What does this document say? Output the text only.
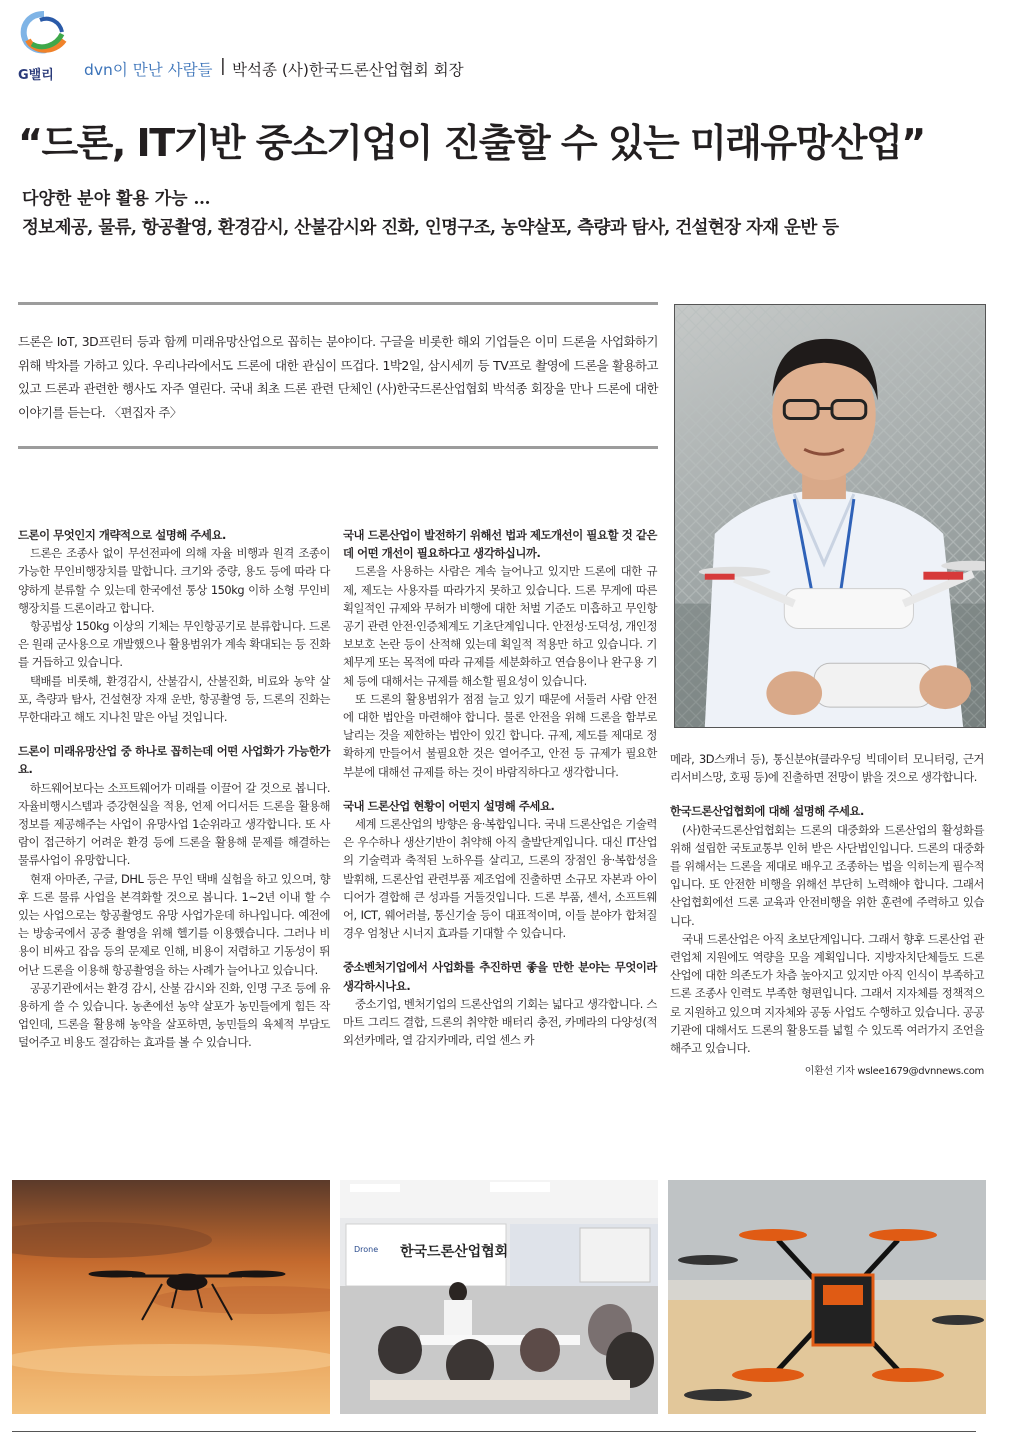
G밸리 dvn이 만난 사람들 | 박석종 (사)한국드론산업협회 회장
“드론, IT기반 중소기업이 진출할 수 있는 미래유망산업”
다양한 분야 활용 가능 …
정보제공, 물류, 항공촬영, 환경감시, 산불감시와 진화, 인명구조, 농약살포, 측량과 탐사, 건설현장 자재 운반 등

드론은 IoT, 3D프린터 등과 함께 미래유망산업으로 꼽히는 분야이다. 구글을 비롯한 해외 기업들은 이미 드론을 사업화하기 위해 박차를 가하고 있다. 우리나라에서도 드론에 대한 관심이 뜨겁다. 1박2일, 삼시세끼 등 TV프로 촬영에 드론을 활용하고 있고 드론과 관련한 행사도 자주 열린다. 국내 최초 드론 관련 단체인 (사)한국드론산업협회 박석종 회장을 만나 드론에 대한 이야기를 듣는다. 〈편집자 주〉

드론이 무엇인지 개략적으로 설명해 주세요.
드론은 조종사 없이 무선전파에 의해 자율 비행과 원격 조종이 가능한 무인비행장치를 말합니다. 크기와 중량, 용도 등에 따라 다양하게 분류할 수 있는데 한국에선 통상 150kg 이하 소형 무인비행장치를 드론이라고 합니다.
항공법상 150kg 이상의 기체는 무인항공기로 분류합니다. 드론은 원래 군사용으로 개발했으나 활용범위가 계속 확대되는 등 진화를 거듭하고 있습니다.
택배를 비롯해, 환경감시, 산불감시, 산불진화, 비료와 농약 살포, 측량과 탐사, 건설현장 자재 운반, 항공촬영 등, 드론의 진화는 무한대라고 해도 지나친 말은 아닐 것입니다.
드론이 미래유망산업 중 하나로 꼽히는데 어떤 사업화가 가능한가요.
하드웨어보다는 소프트웨어가 미래를 이끌어 갈 것으로 봅니다. 자율비행시스템과 증강현실을 적용, 언제 어디서든 드론을 활용해 정보를 제공해주는 사업이 유망사업 1순위라고 생각합니다. 또 사람이 접근하기 어려운 환경 등에 드론을 활용해 문제를 해결하는 물류사업이 유망합니다.
현재 아마존, 구글, DHL 등은 무인 택배 실험을 하고 있으며, 향후 드론 물류 사업을 본격화할 것으로 봅니다. 1~2년 이내 할 수 있는 사업으로는 항공촬영도 유망 사업가운데 하나입니다. 예전에는 방송국에서 공중 촬영을 위해 헬기를 이용했습니다. 그러나 비용이 비싸고 잡음 등의 문제로 인해, 비용이 저렴하고 기동성이 뛰어난 드론을 이용해 항공촬영을 하는 사례가 늘어나고 있습니다.
공공기관에서는 환경 감시, 산불 감시와 진화, 인명 구조 등에 유용하게 쓸 수 있습니다. 농촌에선 농약 살포가 농민들에게 힘든 작업인데, 드론을 활용해 농약을 살포하면, 농민들의 육체적 부담도 덜어주고 비용도 절감하는 효과를 볼 수 있습니다.
국내 드론산업이 발전하기 위해선 법과 제도개선이 필요할 것 같은데 어떤 개선이 필요하다고 생각하십니까.
드론을 사용하는 사람은 계속 늘어나고 있지만 드론에 대한 규제, 제도는 사용자를 따라가지 못하고 있습니다. 드론 무게에 따른 획일적인 규제와 무허가 비행에 대한 처벌 기준도 미흡하고 무인항공기 관련 안전·인증체계도 기초단계입니다. 안전성·도덕성, 개인정보보호 논란 등이 산적해 있는데 획일적 적용만 하고 있습니다. 기체무게 또는 목적에 따라 규제를 세분화하고 연습용이나 완구용 기체 등에 대해서는 규제를 해소할 필요성이 있습니다.
또 드론의 활용범위가 점점 늘고 있기 때문에 서둘러 사람 안전에 대한 법안을 마련해야 합니다. 물론 안전을 위해 드론을 함부로 날리는 것을 제한하는 법안이 있긴 합니다. 규제, 제도를 제대로 정확하게 만들어서 불필요한 것은 열어주고, 안전 등 규제가 필요한 부분에 대해선 규제를 하는 것이 바람직하다고 생각합니다.
국내 드론산업 현황이 어떤지 설명해 주세요.
세계 드론산업의 방향은 융·복합입니다. 국내 드론산업은 기술력은 우수하나 생산기반이 취약해 아직 출발단계입니다. 대신 IT산업의 기술력과 축적된 노하우를 살리고, 드론의 장점인 융·복합성을 발휘해, 드론산업 관련부품 제조업에 진출하면 소규모 자본과 아이디어가 결합해 큰 성과를 거둘것입니다. 드론 부품, 센서, 소프트웨어, ICT, 웨어러블, 통신기술 등이 대표적이며, 이들 분야가 합쳐질 경우 엄청난 시너지 효과를 기대할 수 있습니다.
중소벤처기업에서 사업화를 추진하면 좋을 만한 분야는 무엇이라 생각하시나요.
중소기업, 벤처기업의 드론산업의 기회는 넓다고 생각합니다. 스마트 그리드 결합, 드론의 취약한 배터리 충전, 카메라의 다양성(적외선카메라, 열 감지카메라, 리얼 센스 카
메라, 3D스캐너 등), 통신분야(클라우딩 빅데이터 모니터링, 근거리서비스망, 호핑 등)에 진출하면 전망이 밝을 것으로 생각합니다.
한국드론산업협회에 대해 설명해 주세요.
(사)한국드론산업협회는 드론의 대중화와 드론산업의 활성화를 위해 설립한 국토교통부 인허 받은 사단법인입니다. 드론의 대중화를 위해서는 드론을 제대로 배우고 조종하는 법을 익히는게 필수적입니다. 또 안전한 비행을 위해선 부단히 노력해야 합니다. 그래서 산업협회에선 드론 교육과 안전비행을 위한 훈련에 주력하고 있습니다.
국내 드론산업은 아직 초보단계입니다. 그래서 향후 드론산업 관련업체 지원에도 역량을 모을 계획입니다. 지방자치단체들도 드론산업에 대한 의존도가 차츰 높아지고 있지만 아직 인식이 부족하고 드론 조종사 인력도 부족한 형편입니다. 그래서 지자체를 정책적으로 지원하고 있으며 지자체와 공동 사업도 수행하고 있습니다. 공공기관에 대해서도 드론의 활용도를 넓힐 수 있도록 여러가지 조언을 해주고 있습니다.
이환선 기자 wslee1679@dvnnews.com
Drone 한국드론산업협회
